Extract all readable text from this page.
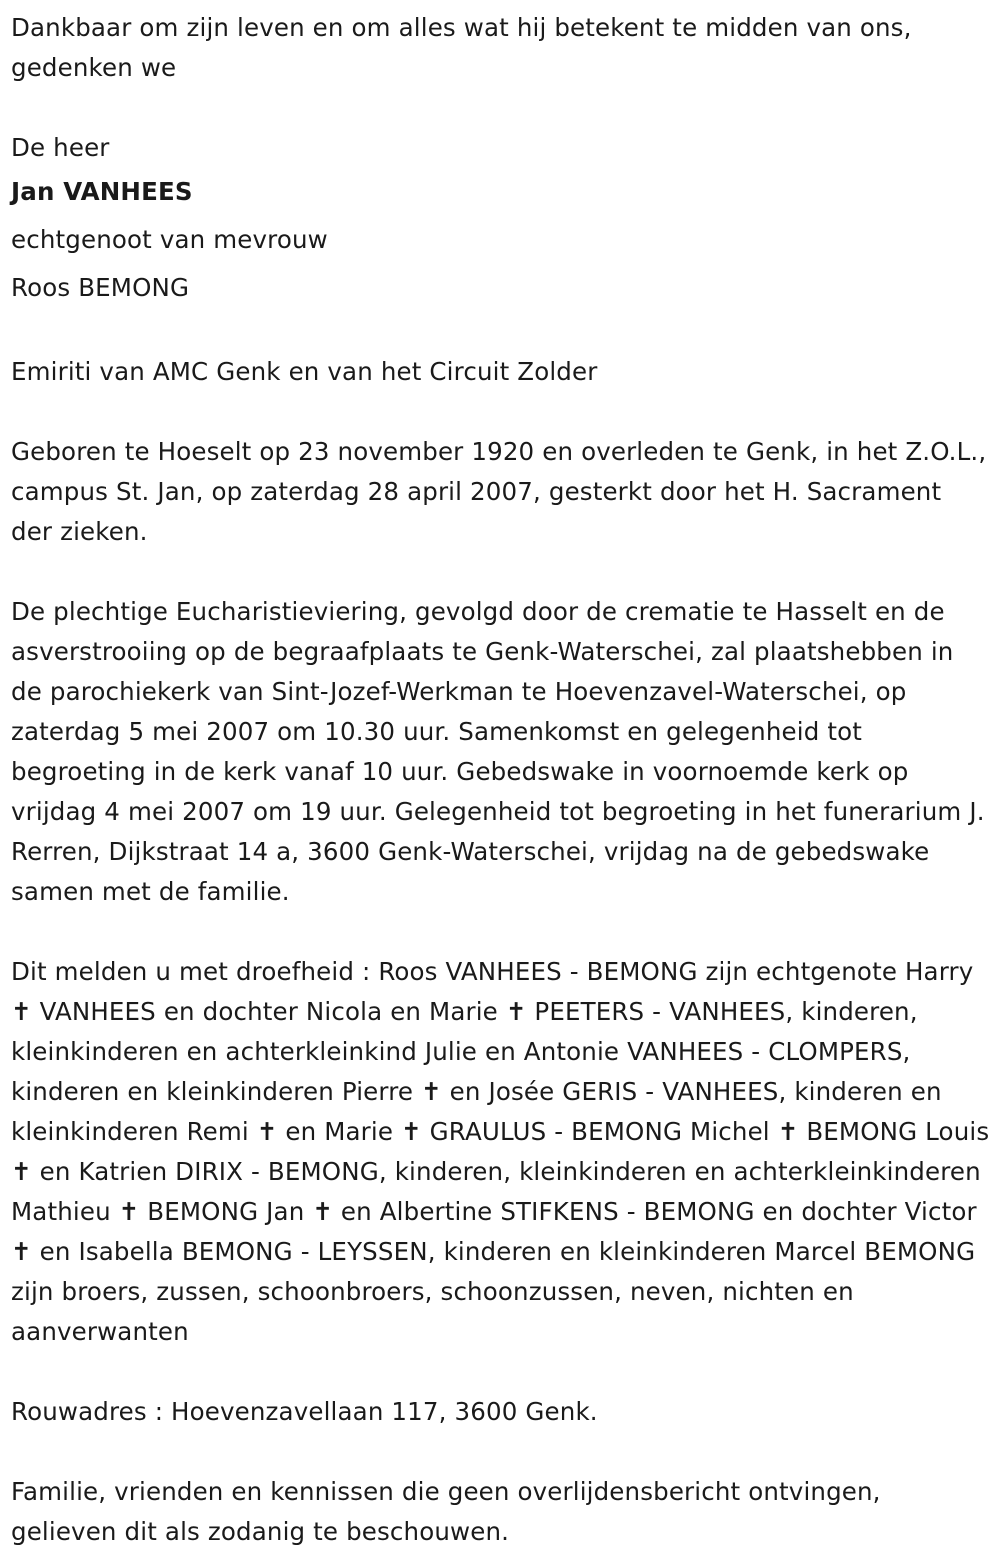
Dankbaar om zijn leven en om alles wat hij betekent te midden van ons, gedenken we

De heer

Jan VANHEES

echtgenoot van mevrouw

Roos BEMONG

Emiriti van AMC Genk en van het Circuit Zolder

Geboren te Hoeselt op 23 november 1920 en overleden te Genk, in het Z.O.L., campus St. Jan, op zaterdag 28 april 2007, gesterkt door het H. Sacrament der zieken.

De plechtige Eucharistieviering, gevolgd door de crematie te Hasselt en de asverstrooiing op de begraafplaats te Genk-Waterschei, zal plaatshebben in de parochiekerk van Sint-Jozef-Werkman te Hoevenzavel-Waterschei, op zaterdag 5 mei 2007 om 10.30 uur. Samenkomst en gelegenheid tot begroeting in de kerk vanaf 10 uur. Gebedswake in voornoemde kerk op vrijdag 4 mei 2007 om 19 uur. Gelegenheid tot begroeting in het funerarium J. Rerren, Dijkstraat 14 a, 3600 Genk-Waterschei, vrijdag na de gebedswake samen met de familie.

Dit melden u met droefheid : Roos VANHEES - BEMONG zijn echtgenote Harry ✝ VANHEES en dochter Nicola en Marie ✝ PEETERS - VANHEES, kinderen, kleinkinderen en achterkleinkind Julie en Antonie VANHEES - CLOMPERS, kinderen en kleinkinderen Pierre ✝ en Josée GERIS - VANHEES, kinderen en kleinkinderen Remi ✝ en Marie ✝ GRAULUS - BEMONG Michel ✝ BEMONG Louis ✝ en Katrien DIRIX - BEMONG, kinderen, kleinkinderen en achterkleinkinderen Mathieu ✝ BEMONG Jan ✝ en Albertine STIFKENS - BEMONG en dochter Victor ✝ en Isabella BEMONG - LEYSSEN, kinderen en kleinkinderen Marcel BEMONG zijn broers, zussen, schoonbroers, schoonzussen, neven, nichten en aanverwanten

Rouwadres : Hoevenzavellaan 117, 3600 Genk.

Familie, vrienden en kennissen die geen overlijdensbericht ontvingen, gelieven dit als zodanig te beschouwen.
